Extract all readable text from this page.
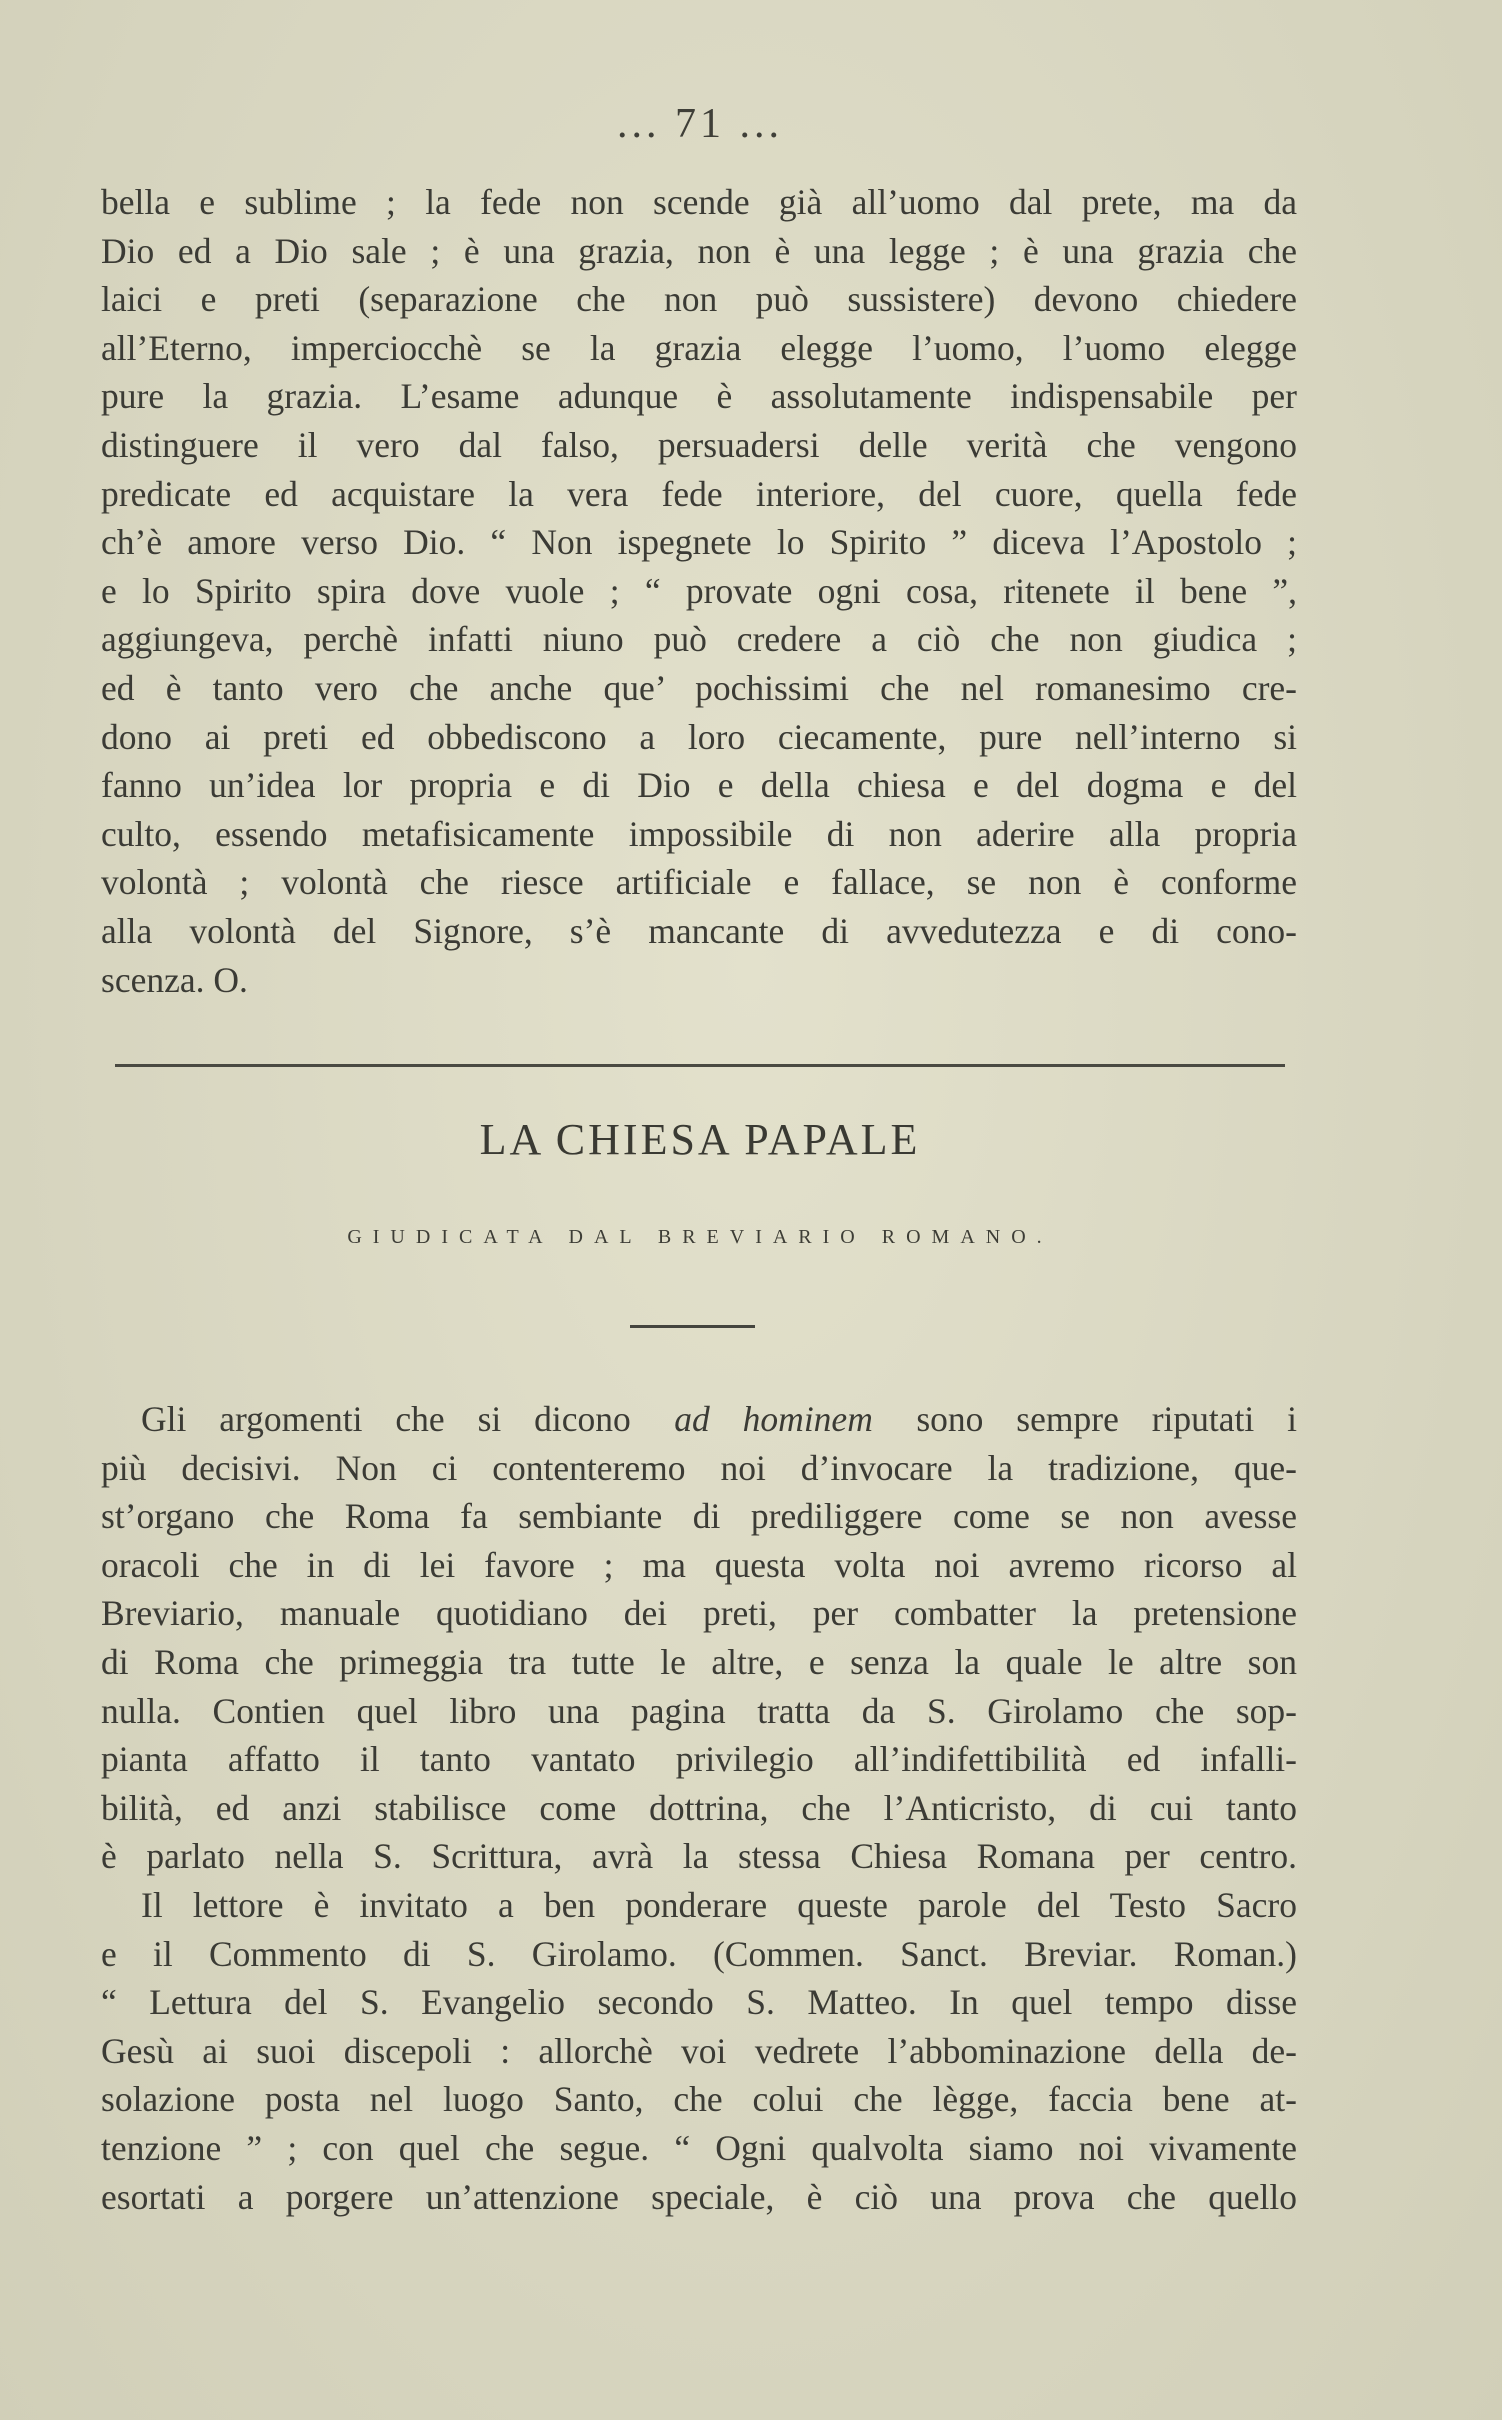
... 71 ...
bella e sublime ; la fede non scende già all’uomo dal prete, ma da
Dio ed a Dio sale ; è una grazia, non è una legge ; è una grazia che
laici e preti (separazione che non può sussistere) devono chiedere
all’Eterno, imperciocchè se la grazia elegge l’uomo, l’uomo elegge
pure la grazia. L’esame adunque è assolutamente indispensabile per
distinguere il vero dal falso, persuadersi delle verità che vengono
predicate ed acquistare la vera fede interiore, del cuore, quella fede
ch’è amore verso Dio. “ Non ispegnete lo Spirito ” diceva l’Apostolo ;
e lo Spirito spira dove vuole ; “ provate ogni cosa, ritenete il bene ”,
aggiungeva, perchè infatti niuno può credere a ciò che non giudica ;
ed è tanto vero che anche que’ pochissimi che nel romanesimo cre-
dono ai preti ed obbediscono a loro ciecamente, pure nell’interno si
fanno un’idea lor propria e di Dio e della chiesa e del dogma e del
culto, essendo metafisicamente impossibile di non aderire alla propria
volontà ; volontà che riesce artificiale e fallace, se non è conforme
alla volontà del Signore, s’è mancante di avvedutezza e di cono-
scenza. O.
LA CHIESA PAPALE
GIUDICATA DAL BREVIARIO ROMANO.
Gli argomenti che si dicono ad hominem sono sempre riputati i
più decisivi. Non ci contenteremo noi d’invocare la tradizione, que-
st’organo che Roma fa sembiante di prediliggere come se non avesse
oracoli che in di lei favore ; ma questa volta noi avremo ricorso al
Breviario, manuale quotidiano dei preti, per combatter la pretensione
di Roma che primeggia tra tutte le altre, e senza la quale le altre son
nulla. Contien quel libro una pagina tratta da S. Girolamo che sop-
pianta affatto il tanto vantato privilegio all’indifettibilità ed infalli-
bilità, ed anzi stabilisce come dottrina, che l’Anticristo, di cui tanto
è parlato nella S. Scrittura, avrà la stessa Chiesa Romana per centro.
Il lettore è invitato a ben ponderare queste parole del Testo Sacro
e il Commento di S. Girolamo. (Commen. Sanct. Breviar. Roman.)
“ Lettura del S. Evangelio secondo S. Matteo. In quel tempo disse
Gesù ai suoi discepoli : allorchè voi vedrete l’abbominazione della de-
solazione posta nel luogo Santo, che colui che lègge, faccia bene at-
tenzione ” ; con quel che segue. “ Ogni qualvolta siamo noi vivamente
esortati a porgere un’attenzione speciale, è ciò una prova che quello
